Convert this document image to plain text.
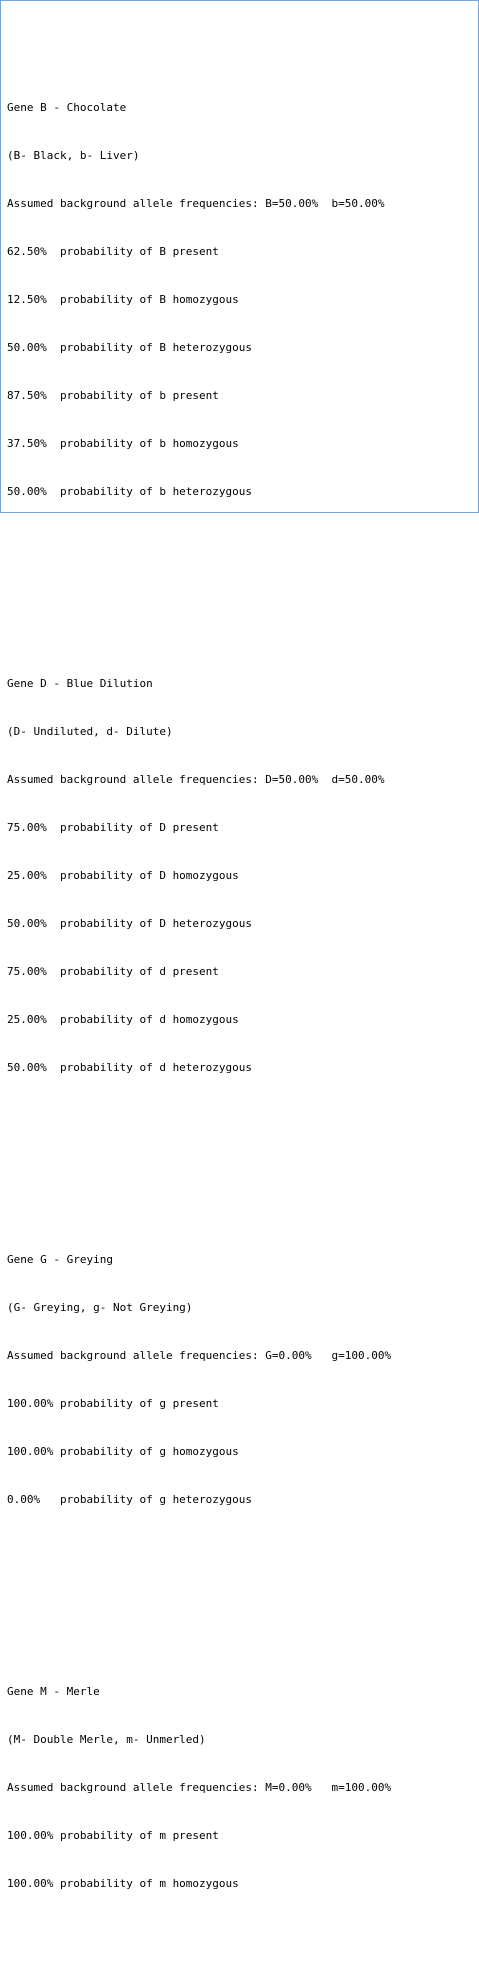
Gene B - Chocolate

(B- Black, b- Liver)

Assumed background allele frequencies: B=50.00%  b=50.00%

62.50%  probability of B present

12.50%  probability of B homozygous

50.00%  probability of B heterozygous

87.50%  probability of b present

37.50%  probability of b homozygous

50.00%  probability of b heterozygous

Gene D - Blue Dilution

(D- Undiluted, d- Dilute)

Assumed background allele frequencies: D=50.00%  d=50.00%

75.00%  probability of D present

25.00%  probability of D homozygous

50.00%  probability of D heterozygous

75.00%  probability of d present

25.00%  probability of d homozygous

50.00%  probability of d heterozygous

Gene G - Greying

(G- Greying, g- Not Greying)

Assumed background allele frequencies: G=0.00%   g=100.00%

100.00% probability of g present

100.00% probability of g homozygous

0.00%   probability of g heterozygous

Gene M - Merle

(M- Double Merle, m- Unmerled)

Assumed background allele frequencies: M=0.00%   m=100.00%

100.00% probability of m present

100.00% probability of m homozygous
